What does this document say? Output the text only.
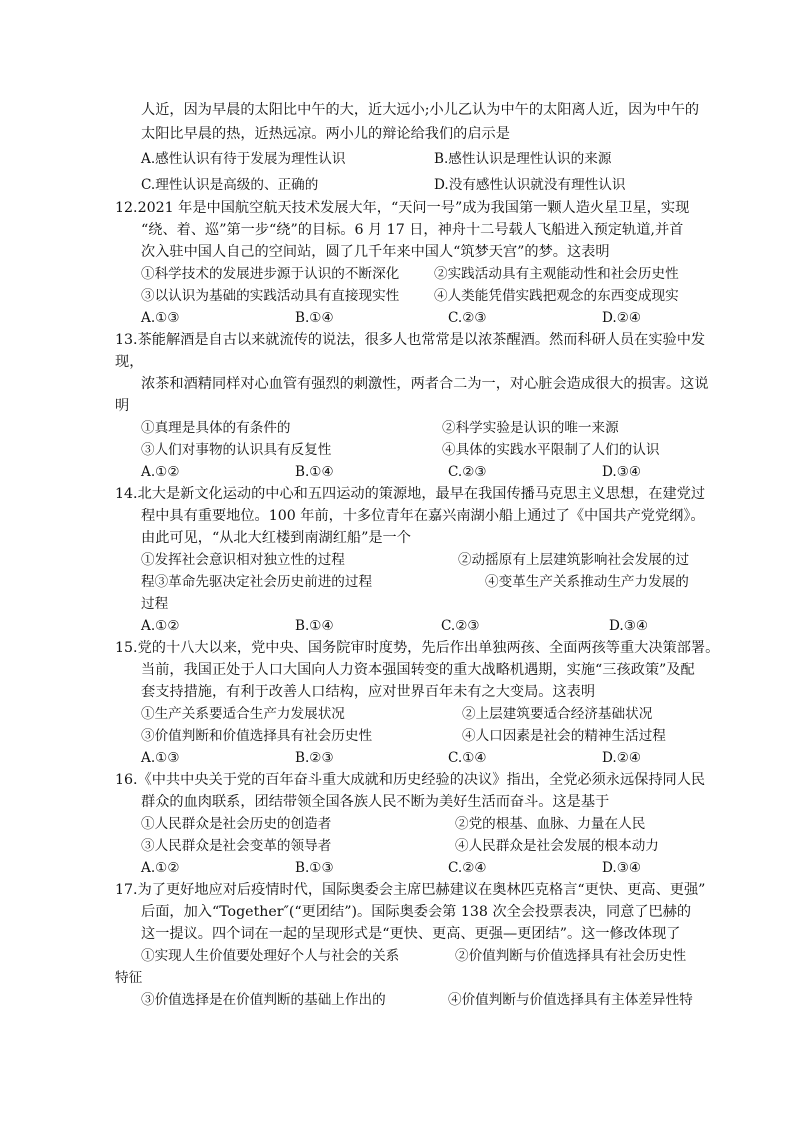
人近，因为早晨的太阳比中午的大，近大远小;小儿乙认为中午的太阳离人近，因为中午的
太阳比早晨的热，近热远凉。两小儿的辩论给我们的启示是
A.感性认识有待于发展为理性认识	B.感性认识是理性认识的来源
C.理性认识是高级的、正确的	D.没有感性认识就没有理性认识
12.2021 年是中国航空航天技术发展大年，“天问一号”成为我国第一颗人造火星卫星，实现
“绕、着、巡”第一步“绕”的目标。6 月 17 日，神舟十二号载人飞船进入预定轨道,并首
次入驻中国人自己的空间站，圆了几千年来中国人“筑梦天宫”的梦。这表明
①科学技术的发展进步源于认识的不断深化	②实践活动具有主观能动性和社会历史性
③以认识为基础的实践活动具有直接现实性	④人类能凭借实践把观念的东西变成现实
A.①③	B.①④	C.②③	D.②④
13.茶能解酒是自古以来就流传的说法，很多人也常常是以浓茶醒酒。然而科研人员在实验中发
现，
浓茶和酒精同样对心血管有强烈的刺激性，两者合二为一，对心脏会造成很大的损害。这说
明
①真理是具体的有条件的	②科学实验是认识的唯一来源
③人们对事物的认识具有反复性	④具体的实践水平限制了人们的认识
A.①②	B.①④	C.②③	D.③④
14.北大是新文化运动的中心和五四运动的策源地，最早在我国传播马克思主义思想，在建党过
程中具有重要地位。100 年前，十多位青年在嘉兴南湖小船上通过了《中国共产党党纲》。
由此可见，“从北大红楼到南湖红船”是一个
①发挥社会意识相对独立性的过程	②动摇原有上层建筑影响社会发展的过
程③革命先驱决定社会历史前进的过程	④变革生产关系推动生产力发展的
过程
A.①②	B.①④	C.②③	D.③④
15.党的十八大以来，党中央、国务院审时度势，先后作出单独两孩、全面两孩等重大决策部署。
当前，我国正处于人口大国向人力资本强国转变的重大战略机遇期，实施“三孩政策”及配
套支持措施，有利于改善人口结构，应对世界百年未有之大变局。这表明
①生产关系要适合生产力发展状况	②上层建筑要适合经济基础状况
③价值判断和价值选择具有社会历史性	④人口因素是社会的精神生活过程
A.①③	B.②③	C.①④	D.②④
16.《中共中央关于党的百年奋斗重大成就和历史经验的决议》指出，全党必须永远保持同人民
群众的血肉联系，团结带领全国各族人民不断为美好生活而奋斗。这是基于
①人民群众是社会历史的创造者	②党的根基、血脉、力量在人民
③人民群众是社会变革的领导者	④人民群众是社会发展的根本动力
A.①②	B.①③	C.②④	D.③④
17.为了更好地应对后疫情时代，国际奥委会主席巴赫建议在奥林匹克格言“更快、更高、更强”
后面，加入“Together″(“更团结”)。国际奥委会第 138 次全会投票表决，同意了巴赫的
这一提议。四个词在一起的呈现形式是“更快、更高、更强—更团结”。这一修改体现了
①实现人生价值要处理好个人与社会的关系	②价值判断与价值选择具有社会历史性
特征
③价值选择是在价值判断的基础上作出的	④价值判断与价值选择具有主体差异性特
